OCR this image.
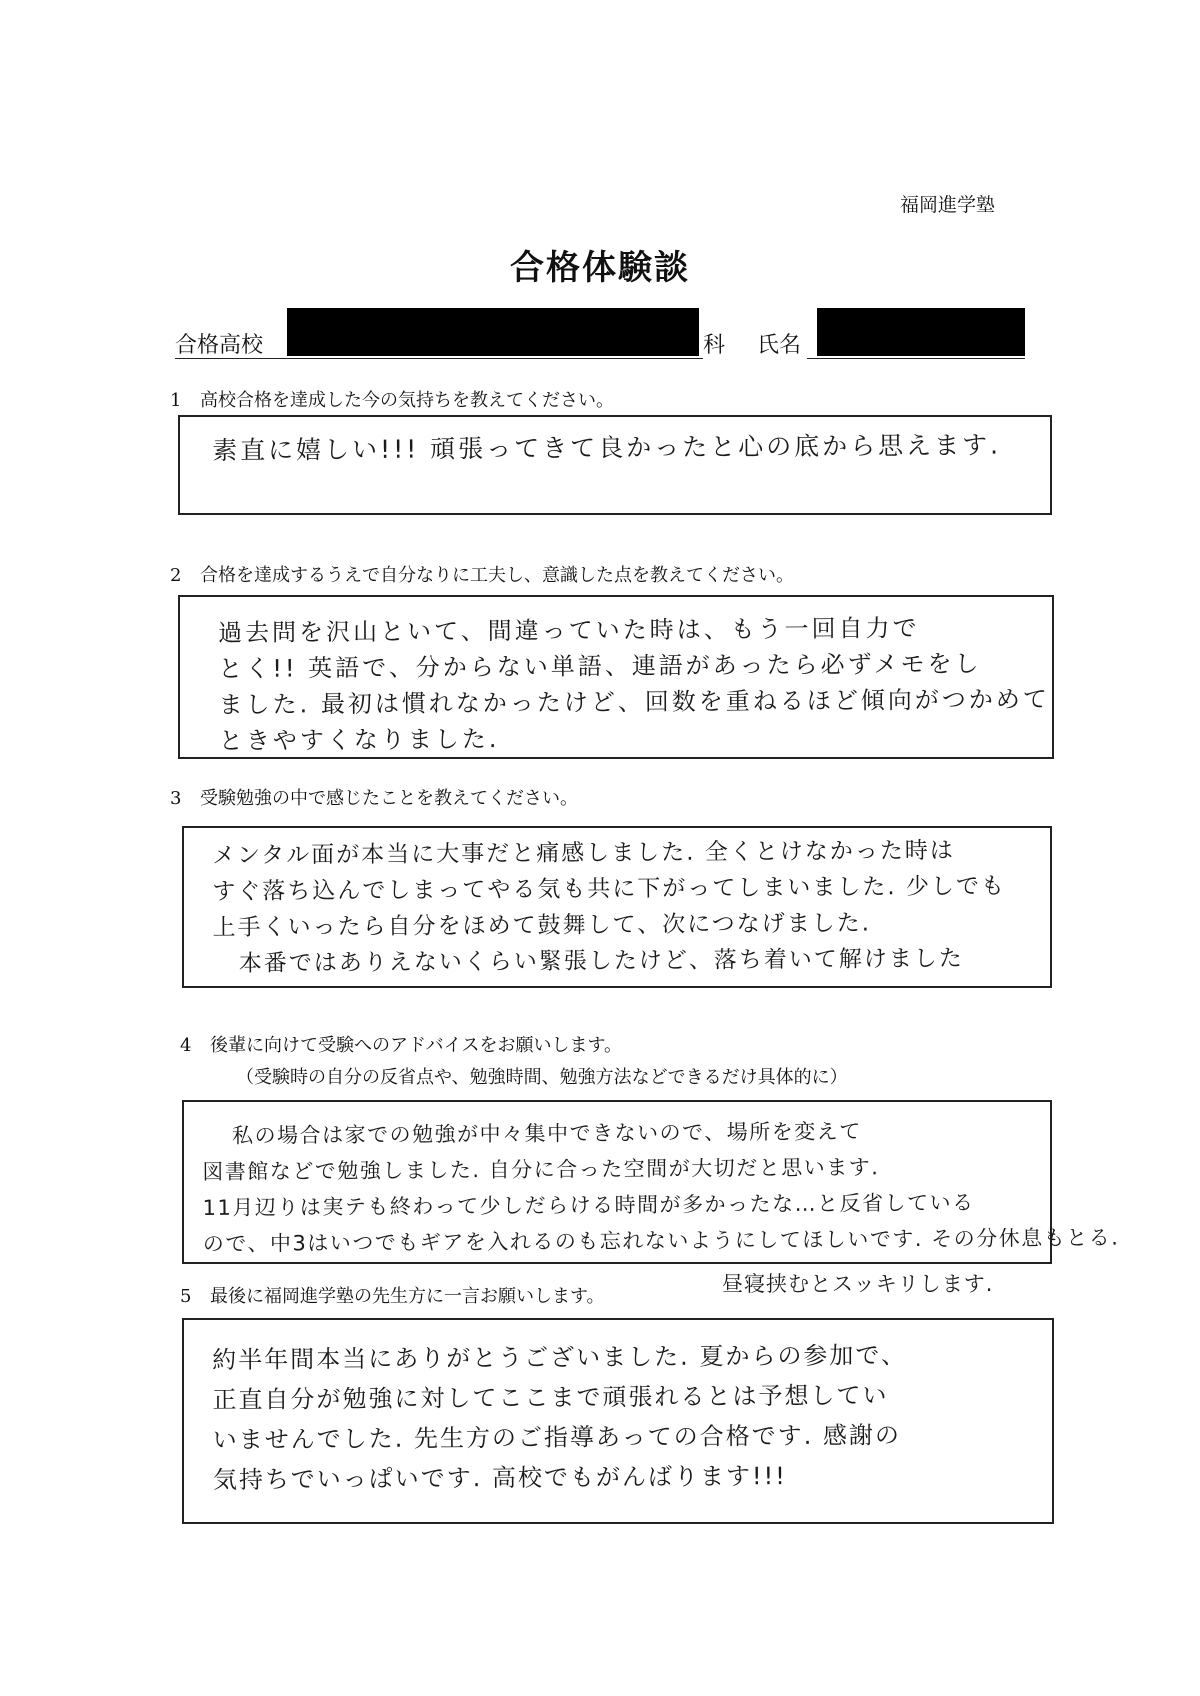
福岡進学塾
合格体験談
合格高校	科 氏名
1 高校合格を達成した今の気持ちを教えてください。
素直に嬉しい!!! 頑張ってきて良かったと心の底から思えます.
2 合格を達成するうえで自分なりに工夫し、意識した点を教えてください。
過去問を沢山といて、間違っていた時は、もう一回自力で
とく!! 英語で、分からない単語、連語があったら必ずメモをし
ました. 最初は慣れなかったけど、回数を重ねるほど傾向がつかめて
ときやすくなりました.
3 受験勉強の中で感じたことを教えてください。
メンタル面が本当に大事だと痛感しました. 全くとけなかった時は
すぐ落ち込んでしまってやる気も共に下がってしまいました. 少しでも
上手くいったら自分をほめて鼓舞して、次につなげました.
本番ではありえないくらい緊張したけど、落ち着いて解けました
4 後輩に向けて受験へのアドバイスをお願いします。
（受験時の自分の反省点や、勉強時間、勉強方法などできるだけ具体的に）
私の場合は家での勉強が中々集中できないので、場所を変えて
図書館などで勉強しました. 自分に合った空間が大切だと思います.
11月辺りは実テも終わって少しだらける時間が多かったな…と反省している
ので、中3はいつでもギアを入れるのも忘れないようにしてほしいです. その分休息もとる.
昼寝挟むとスッキリします.
5 最後に福岡進学塾の先生方に一言お願いします。
約半年間本当にありがとうございました. 夏からの参加で、
正直自分が勉強に対してここまで頑張れるとは予想してい
いませんでした. 先生方のご指導あっての合格です. 感謝の
気持ちでいっぱいです. 高校でもがんばります!!!
